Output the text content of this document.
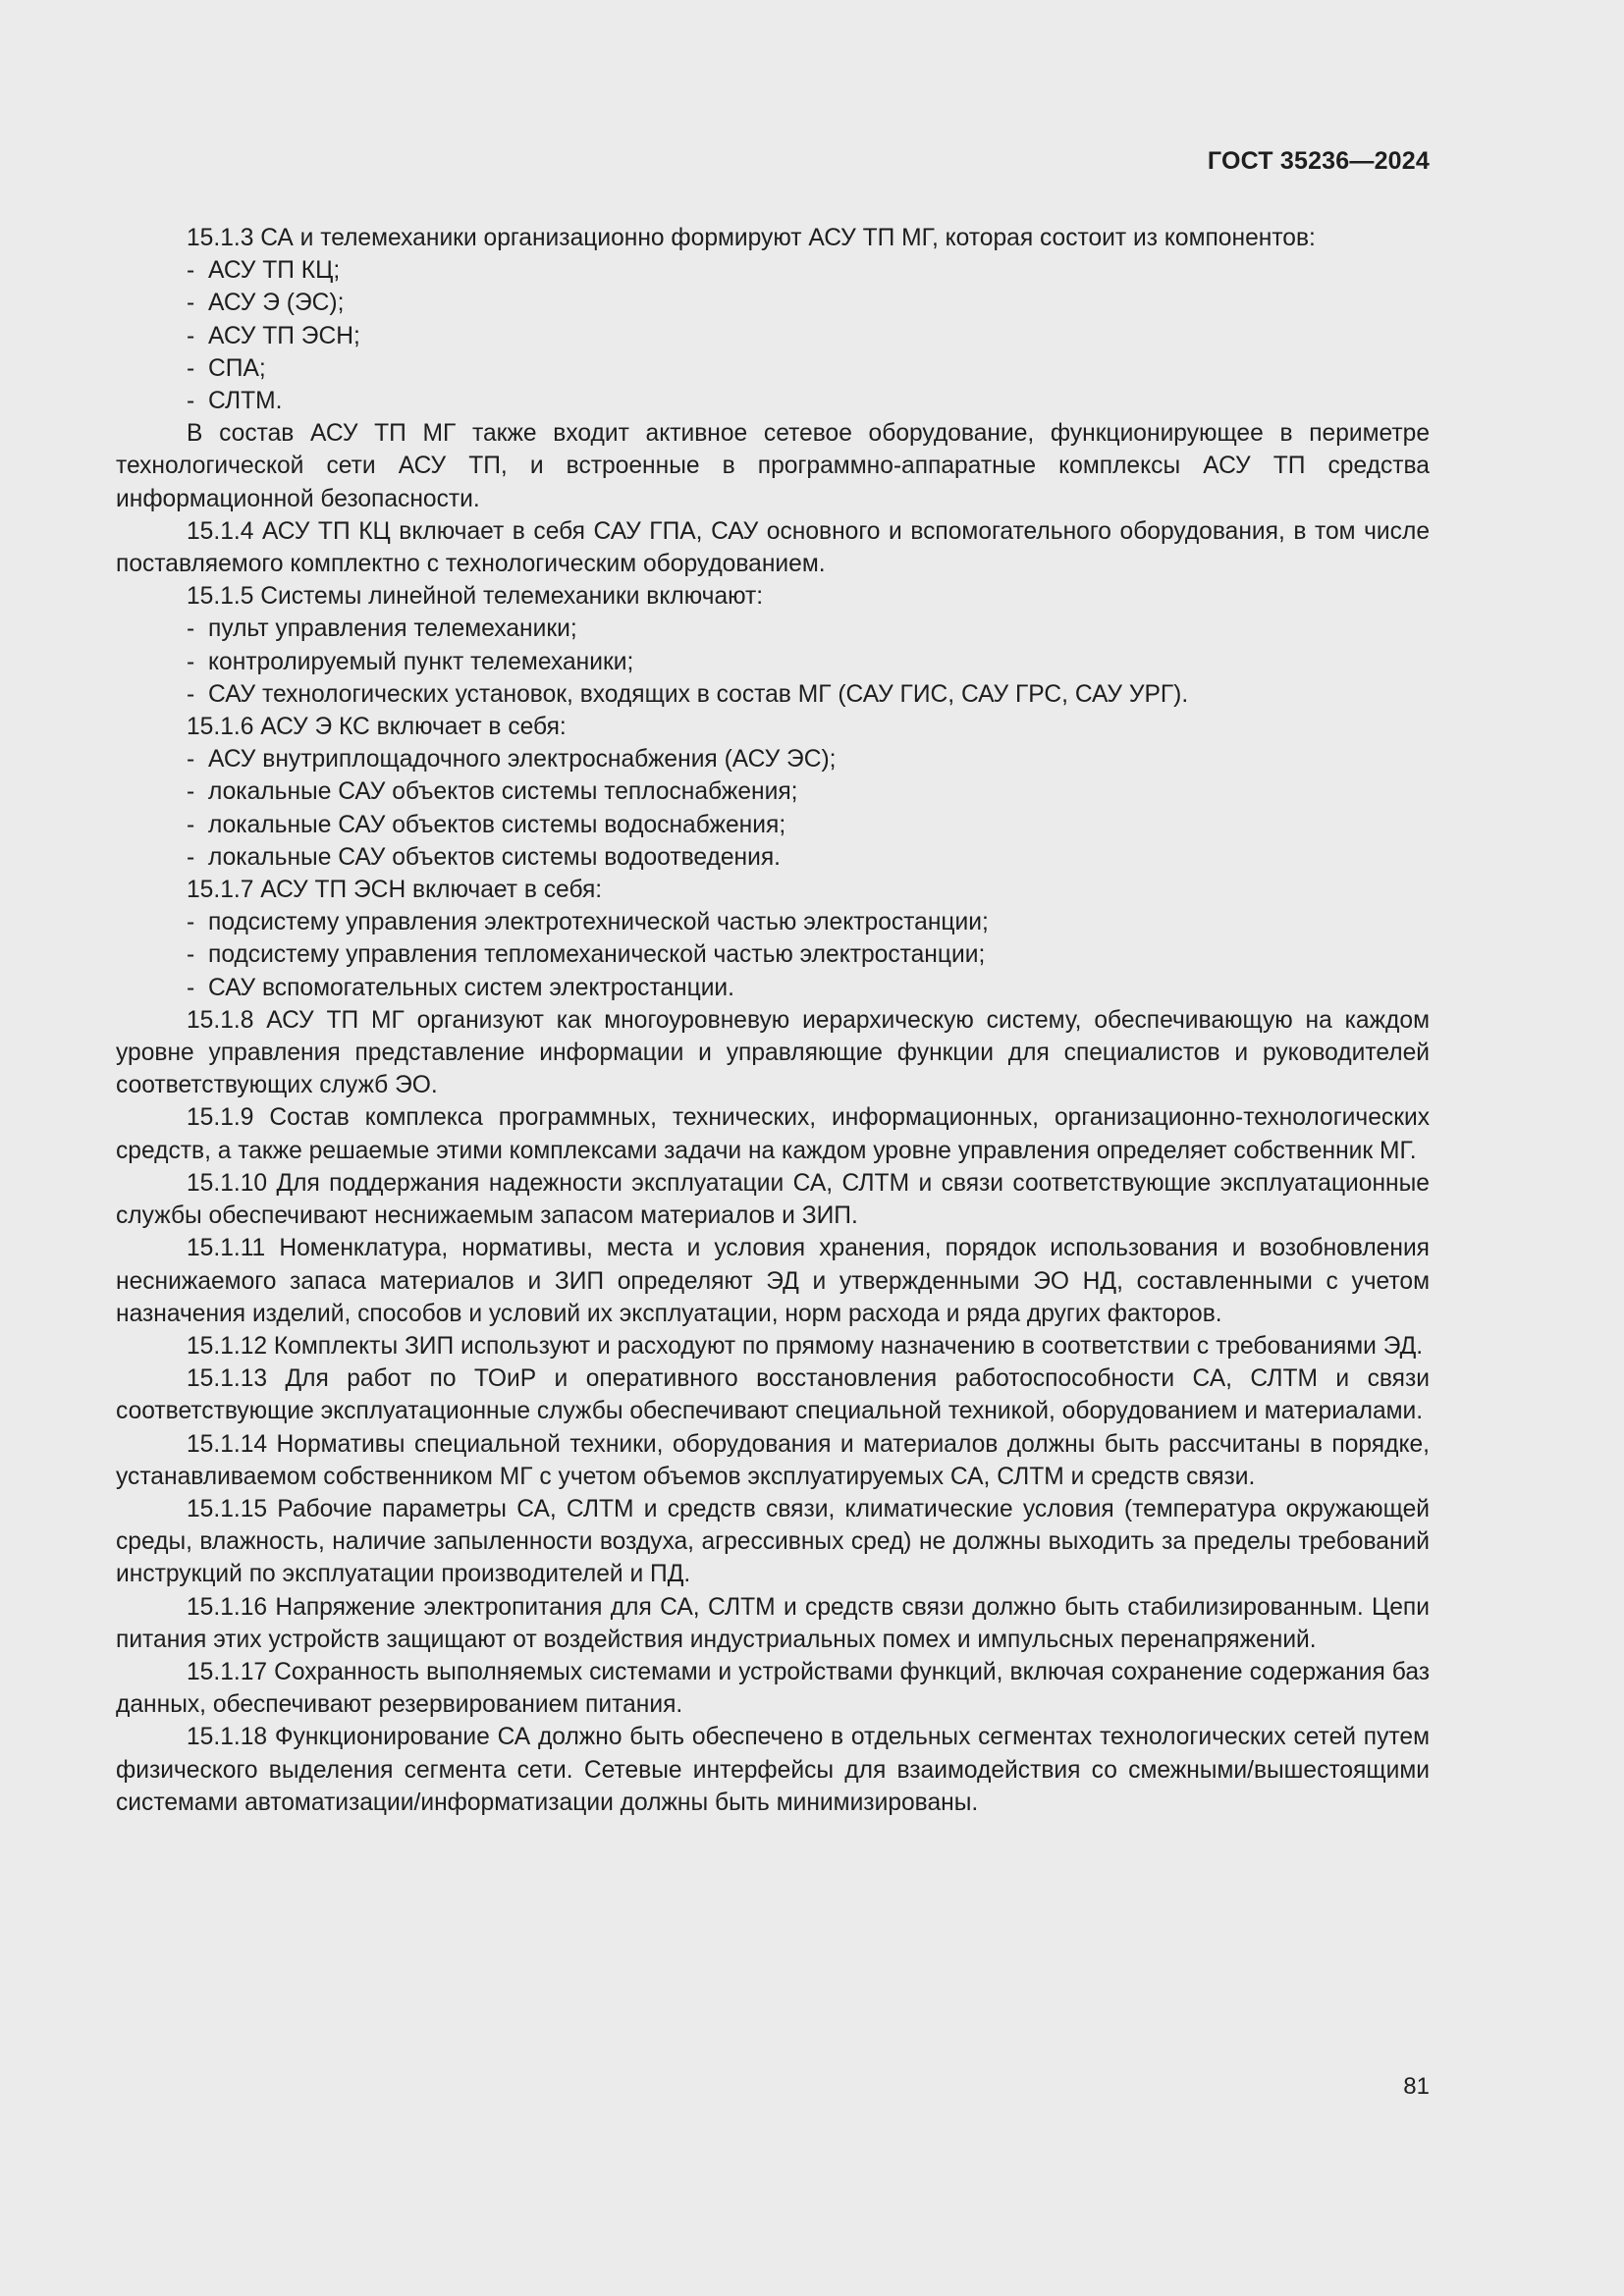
ГОСТ 35236—2024
15.1.3 СА и телемеханики организационно формируют АСУ ТП МГ, которая состоит из компонентов:
- АСУ ТП КЦ;
- АСУ Э (ЭС);
- АСУ ТП ЭСН;
- СПА;
- СЛТМ.
В состав АСУ ТП МГ также входит активное сетевое оборудование, функционирующее в периметре технологической сети АСУ ТП, и встроенные в программно-аппаратные комплексы АСУ ТП средства информационной безопасности.
15.1.4 АСУ ТП КЦ включает в себя САУ ГПА, САУ основного и вспомогательного оборудования, в том числе поставляемого комплектно с технологическим оборудованием.
15.1.5 Системы линейной телемеханики включают:
- пульт управления телемеханики;
- контролируемый пункт телемеханики;
- САУ технологических установок, входящих в состав МГ (САУ ГИС, САУ ГРС, САУ УРГ).
15.1.6 АСУ Э КС включает в себя:
- АСУ внутриплощадочного электроснабжения (АСУ ЭС);
- локальные САУ объектов системы теплоснабжения;
- локальные САУ объектов системы водоснабжения;
- локальные САУ объектов системы водоотведения.
15.1.7 АСУ ТП ЭСН включает в себя:
- подсистему управления электротехнической частью электростанции;
- подсистему управления тепломеханической частью электростанции;
- САУ вспомогательных систем электростанции.
15.1.8 АСУ ТП МГ организуют как многоуровневую иерархическую систему, обеспечивающую на каждом уровне управления представление информации и управляющие функции для специалистов и руководителей соответствующих служб ЭО.
15.1.9 Состав комплекса программных, технических, информационных, организационно-технологических средств, а также решаемые этими комплексами задачи на каждом уровне управления определяет собственник МГ.
15.1.10 Для поддержания надежности эксплуатации СА, СЛТМ и связи соответствующие эксплуатационные службы обеспечивают неснижаемым запасом материалов и ЗИП.
15.1.11 Номенклатура, нормативы, места и условия хранения, порядок использования и возобновления неснижаемого запаса материалов и ЗИП определяют ЭД и утвержденными ЭО НД, составленными с учетом назначения изделий, способов и условий их эксплуатации, норм расхода и ряда других факторов.
15.1.12 Комплекты ЗИП используют и расходуют по прямому назначению в соответствии с требованиями ЭД.
15.1.13 Для работ по ТОиР и оперативного восстановления работоспособности СА, СЛТМ и связи соответствующие эксплуатационные службы обеспечивают специальной техникой, оборудованием и материалами.
15.1.14 Нормативы специальной техники, оборудования и материалов должны быть рассчитаны в порядке, устанавливаемом собственником МГ с учетом объемов эксплуатируемых СА, СЛТМ и средств связи.
15.1.15 Рабочие параметры СА, СЛТМ и средств связи, климатические условия (температура окружающей среды, влажность, наличие запыленности воздуха, агрессивных сред) не должны выходить за пределы требований инструкций по эксплуатации производителей и ПД.
15.1.16 Напряжение электропитания для СА, СЛТМ и средств связи должно быть стабилизированным. Цепи питания этих устройств защищают от воздействия индустриальных помех и импульсных перенапряжений.
15.1.17 Сохранность выполняемых системами и устройствами функций, включая сохранение содержания баз данных, обеспечивают резервированием питания.
15.1.18 Функционирование СА должно быть обеспечено в отдельных сегментах технологических сетей путем физического выделения сегмента сети. Сетевые интерфейсы для взаимодействия со смежными/вышестоящими системами автоматизации/информатизации должны быть минимизированы.
81
